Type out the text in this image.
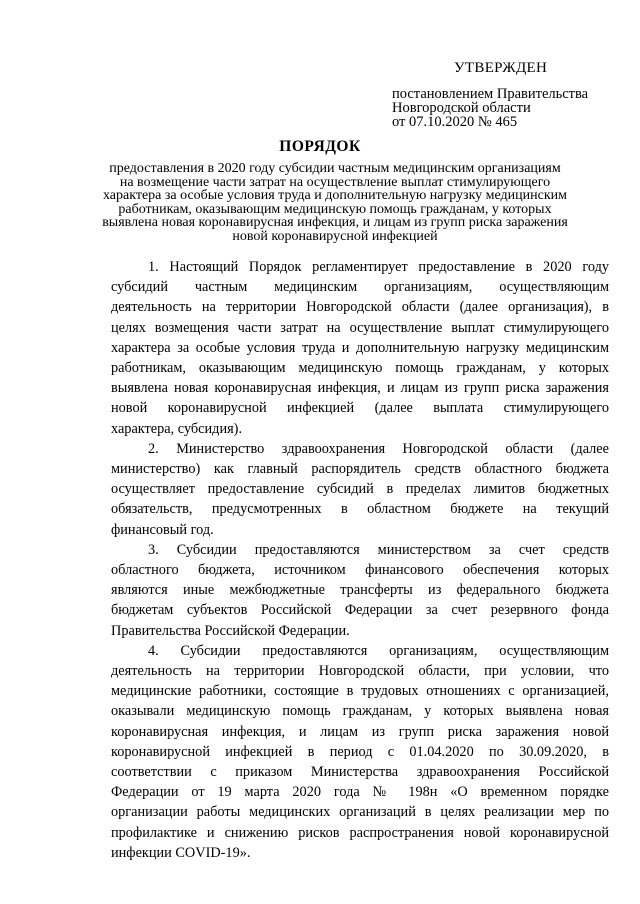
УТВЕРЖДЕН
постановлением Правительства
Новгородской области
от 07.10.2020 № 465
ПОРЯДОК
предоставления в 2020 году субсидии частным медицинским организациям
на возмещение части затрат на осуществление выплат стимулирующего
характера за особые условия труда и дополнительную нагрузку медицинским
работникам, оказывающим медицинскую помощь гражданам, у которых
выявлена новая коронавирусная инфекция, и лицам из групп риска заражения
новой коронавирусной инфекцией
1. Настоящий Порядок регламентирует предоставление в 2020 году
субсидий частным медицинским организациям, осуществляющим
деятельность на территории Новгородской области (далее организация), в
целях возмещения части затрат на осуществление выплат стимулирующего
характера за особые условия труда и дополнительную нагрузку медицинским
работникам, оказывающим медицинскую помощь гражданам, у которых
выявлена новая коронавирусная инфекция, и лицам из групп риска заражения
новой коронавирусной инфекцией (далее выплата стимулирующего
характера, субсидия).
2. Министерство здравоохранения Новгородской области (далее
министерство) как главный распорядитель средств областного бюджета
осуществляет предоставление субсидий в пределах лимитов бюджетных
обязательств, предусмотренных в областном бюджете на текущий
финансовый год.
3. Субсидии предоставляются министерством за счет средств
областного бюджета, источником финансового обеспечения которых
являются иные межбюджетные трансферты из федерального бюджета
бюджетам субъектов Российской Федерации за счет резервного фонда
Правительства Российской Федерации.
4. Субсидии предоставляются организациям, осуществляющим
деятельность на территории Новгородской области, при условии, что
медицинские работники, состоящие в трудовых отношениях с организацией,
оказывали медицинскую помощь гражданам, у которых выявлена новая
коронавирусная инфекция, и лицам из групп риска заражения новой
коронавирусной инфекцией в период с 01.04.2020 по 30.09.2020, в
соответствии с приказом Министерства здравоохранения Российской
Федерации от 19 марта 2020 года № 198н «О временном порядке
организации работы медицинских организаций в целях реализации мер по
профилактике и снижению рисков распространения новой коронавирусной
инфекции COVID-19».
